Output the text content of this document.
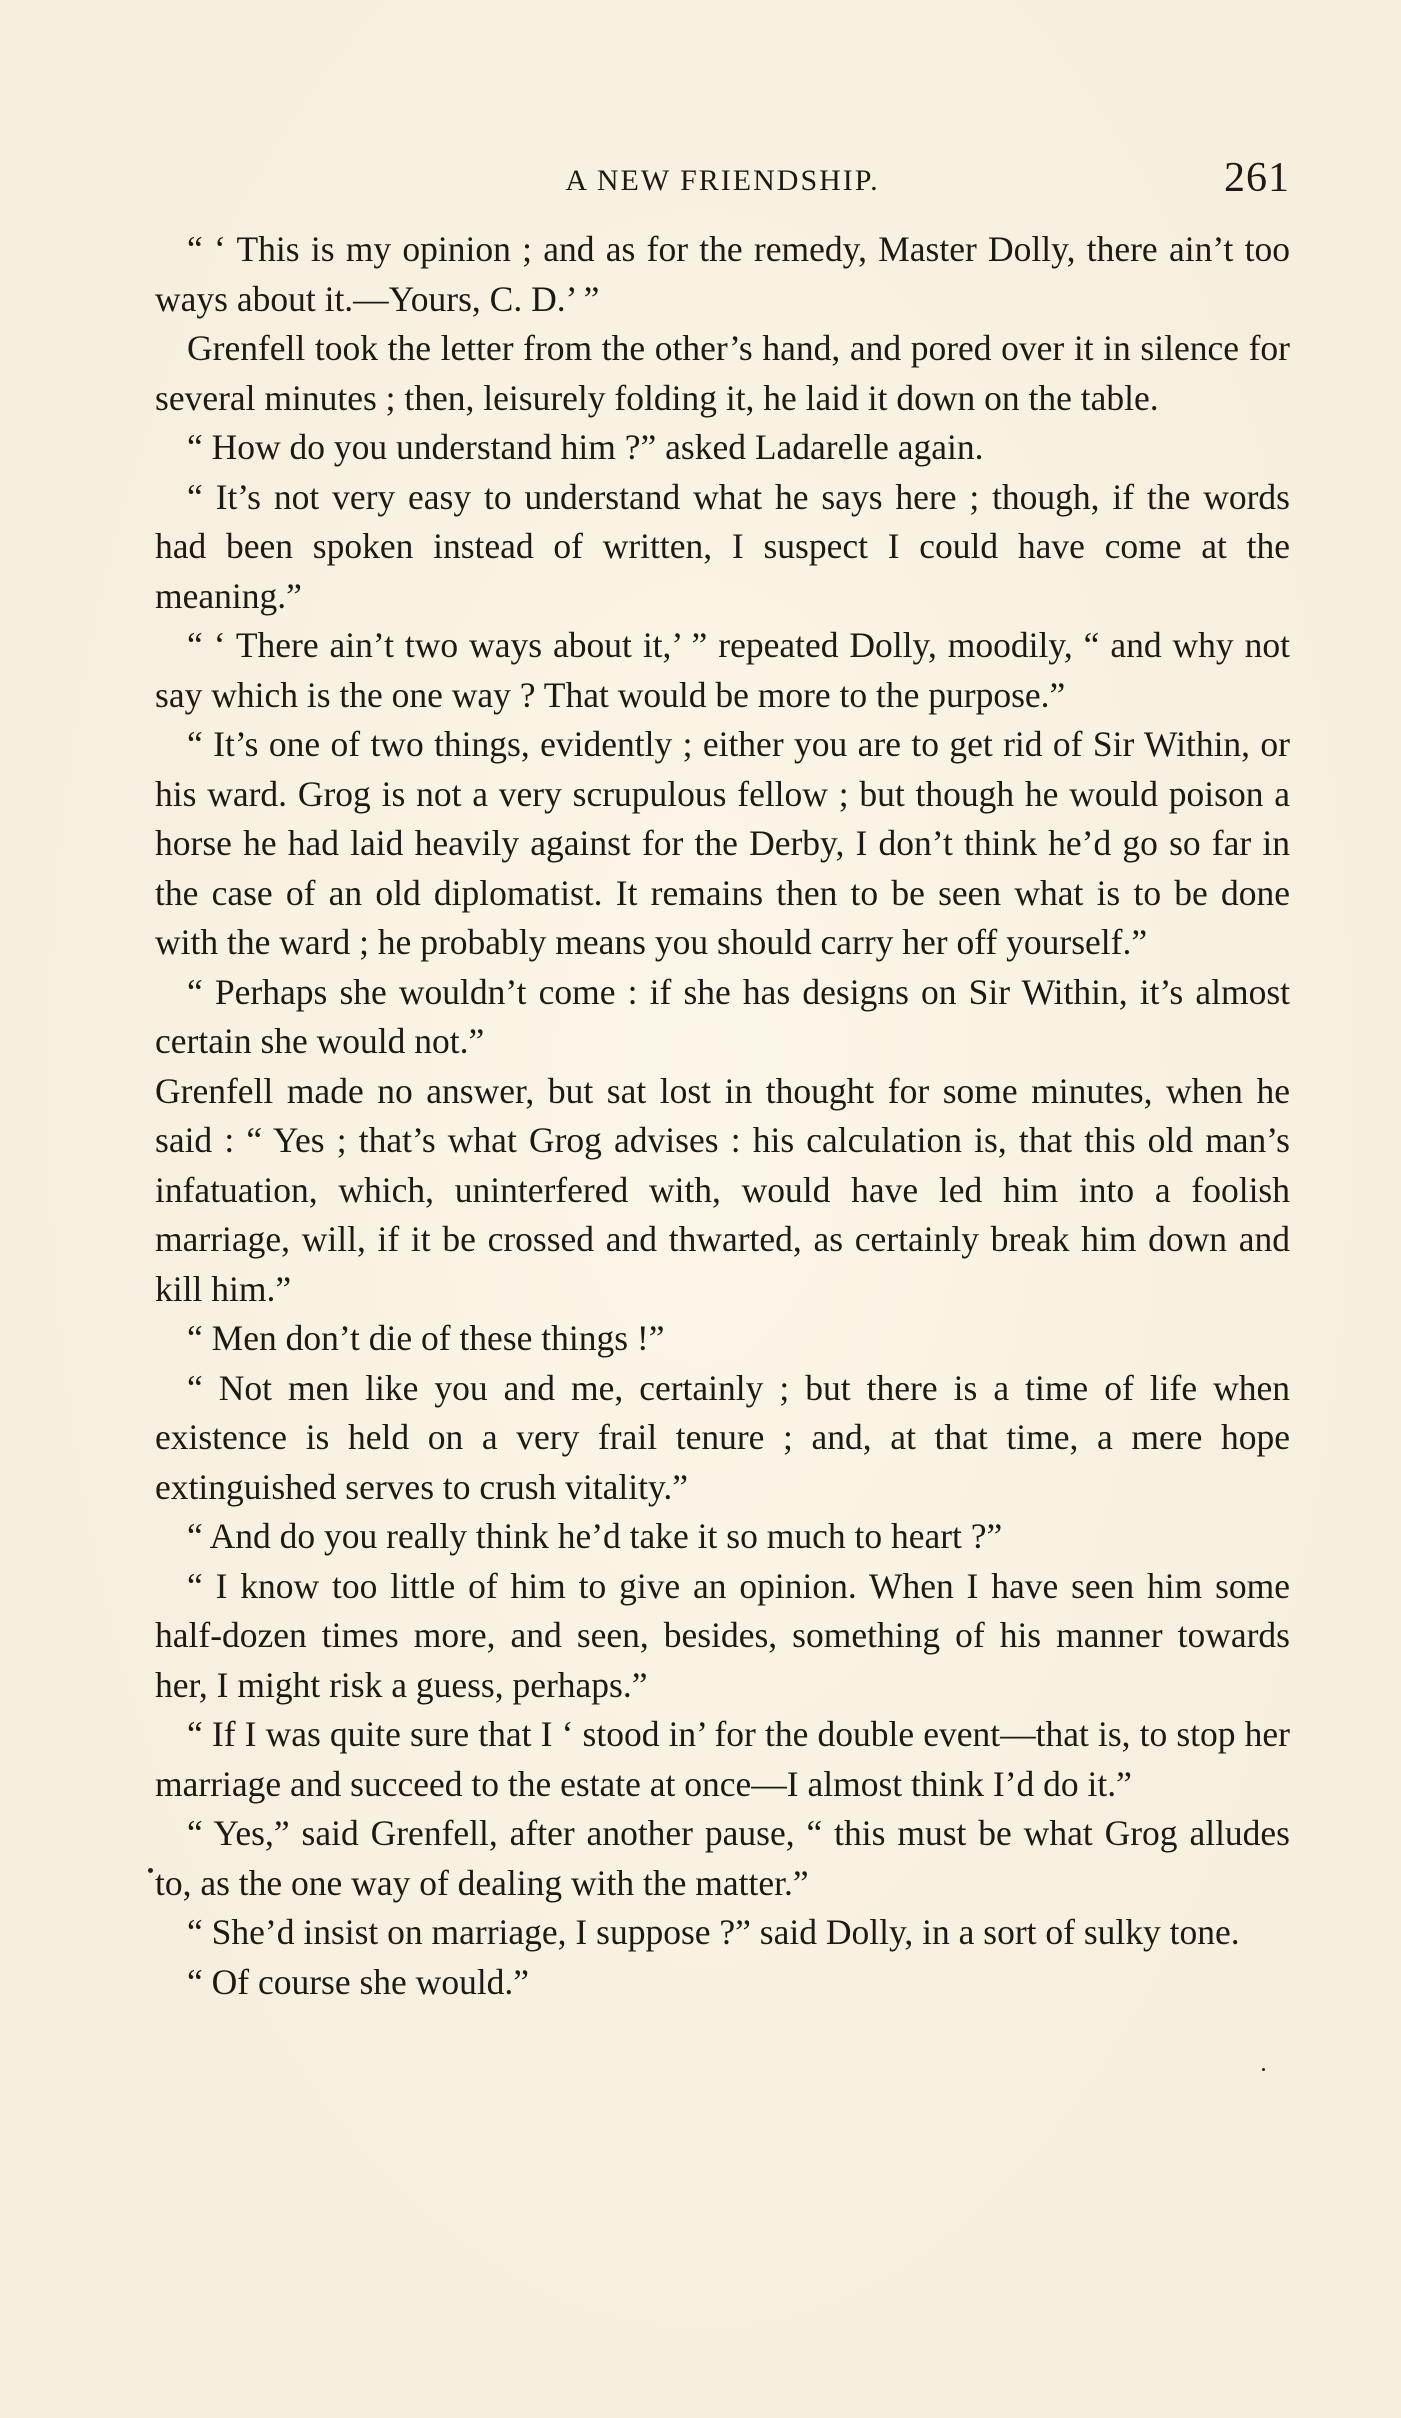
A NEW FRIENDSHIP.	261

“ ‘ This is my opinion ; and as for the remedy, Master Dolly, there ain’t too ways about it.—Yours, C. D.’ ”

Grenfell took the letter from the other’s hand, and pored over it in silence for several minutes ; then, leisurely folding it, he laid it down on the table.

“ How do you understand him ?” asked Ladarelle again.

“ It’s not very easy to understand what he says here ; though, if the words had been spoken instead of written, I suspect I could have come at the meaning.”

“ ‘ There ain’t two ways about it,’ ” repeated Dolly, moodily, “ and why not say which is the one way ? That would be more to the purpose.”

“ It’s one of two things, evidently ; either you are to get rid of Sir Within, or his ward. Grog is not a very scrupulous fellow ; but though he would poison a horse he had laid heavily against for the Derby, I don’t think he’d go so far in the case of an old diplomatist. It remains then to be seen what is to be done with the ward ; he probably means you should carry her off yourself.”

“ Perhaps she wouldn’t come : if she has designs on Sir Within, it’s almost certain she would not.”

Grenfell made no answer, but sat lost in thought for some minutes, when he said : “ Yes ; that’s what Grog advises : his calculation is, that this old man’s infatuation, which, uninterfered with, would have led him into a foolish marriage, will, if it be crossed and thwarted, as certainly break him down and kill him.”

“ Men don’t die of these things !”

“ Not men like you and me, certainly ; but there is a time of life when existence is held on a very frail tenure ; and, at that time, a mere hope extinguished serves to crush vitality.”

“ And do you really think he’d take it so much to heart ?”

“ I know too little of him to give an opinion. When I have seen him some half-dozen times more, and seen, besides, something of his manner towards her, I might risk a guess, perhaps.”

“ If I was quite sure that I ‘ stood in’ for the double event—that is, to stop her marriage and succeed to the estate at once—I almost think I’d do it.”

“ Yes,” said Grenfell, after another pause, “ this must be what Grog alludes to, as the one way of dealing with the matter.”

“ She’d insist on marriage, I suppose ?” said Dolly, in a sort of sulky tone.

“ Of course she would.”
